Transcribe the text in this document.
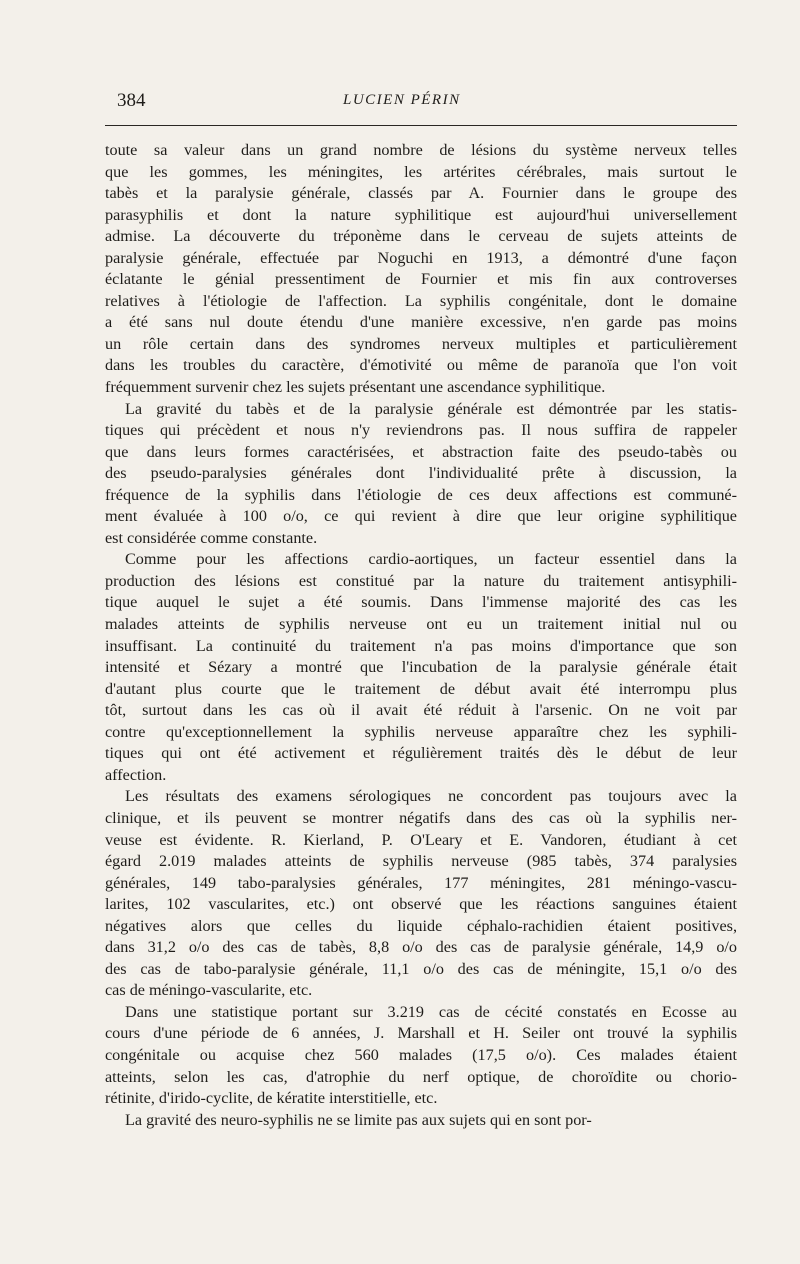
384	LUCIEN PÉRIN

toute sa valeur dans un grand nombre de lésions du système nerveux telles
que les gommes, les méningites, les artérites cérébrales, mais surtout le
tabès et la paralysie générale, classés par A. Fournier dans le groupe des
parasyphilis et dont la nature syphilitique est aujourd'hui universellement
admise. La découverte du tréponème dans le cerveau de sujets atteints de
paralysie générale, effectuée par Noguchi en 1913, a démontré d'une façon
éclatante le génial pressentiment de Fournier et mis fin aux controverses
relatives à l'étiologie de l'affection. La syphilis congénitale, dont le domaine
a été sans nul doute étendu d'une manière excessive, n'en garde pas moins
un rôle certain dans des syndromes nerveux multiples et particulièrement
dans les troubles du caractère, d'émotivité ou même de paranoïa que l'on voit
fréquemment survenir chez les sujets présentant une ascendance syphilitique.

La gravité du tabès et de la paralysie générale est démontrée par les statis-
tiques qui précèdent et nous n'y reviendrons pas. Il nous suffira de rappeler
que dans leurs formes caractérisées, et abstraction faite des pseudo-tabès ou
des pseudo-paralysies générales dont l'individualité prête à discussion, la
fréquence de la syphilis dans l'étiologie de ces deux affections est communé-
ment évaluée à 100 o/o, ce qui revient à dire que leur origine syphilitique
est considérée comme constante.

Comme pour les affections cardio-aortiques, un facteur essentiel dans la
production des lésions est constitué par la nature du traitement antisyphili-
tique auquel le sujet a été soumis. Dans l'immense majorité des cas les
malades atteints de syphilis nerveuse ont eu un traitement initial nul ou
insuffisant. La continuité du traitement n'a pas moins d'importance que son
intensité et Sézary a montré que l'incubation de la paralysie générale était
d'autant plus courte que le traitement de début avait été interrompu plus
tôt, surtout dans les cas où il avait été réduit à l'arsenic. On ne voit par
contre qu'exceptionnellement la syphilis nerveuse apparaître chez les syphili-
tiques qui ont été activement et régulièrement traités dès le début de leur
affection.

Les résultats des examens sérologiques ne concordent pas toujours avec la
clinique, et ils peuvent se montrer négatifs dans des cas où la syphilis ner-
veuse est évidente. R. Kierland, P. O'Leary et E. Vandoren, étudiant à cet
égard 2.019 malades atteints de syphilis nerveuse (985 tabès, 374 paralysies
générales, 149 tabo-paralysies générales, 177 méningites, 281 méningo-vascu-
larites, 102 vascularites, etc.) ont observé que les réactions sanguines étaient
négatives alors que celles du liquide céphalo-rachidien étaient positives,
dans 31,2 o/o des cas de tabès, 8,8 o/o des cas de paralysie générale, 14,9 o/o
des cas de tabo-paralysie générale, 11,1 o/o des cas de méningite, 15,1 o/o des
cas de méningo-vascularite, etc.

Dans une statistique portant sur 3.219 cas de cécité constatés en Ecosse au
cours d'une période de 6 années, J. Marshall et H. Seiler ont trouvé la syphilis
congénitale ou acquise chez 560 malades (17,5 o/o). Ces malades étaient
atteints, selon les cas, d'atrophie du nerf optique, de choroïdite ou chorio-
rétinite, d'irido-cyclite, de kératite interstitielle, etc.

La gravité des neuro-syphilis ne se limite pas aux sujets qui en sont por-
